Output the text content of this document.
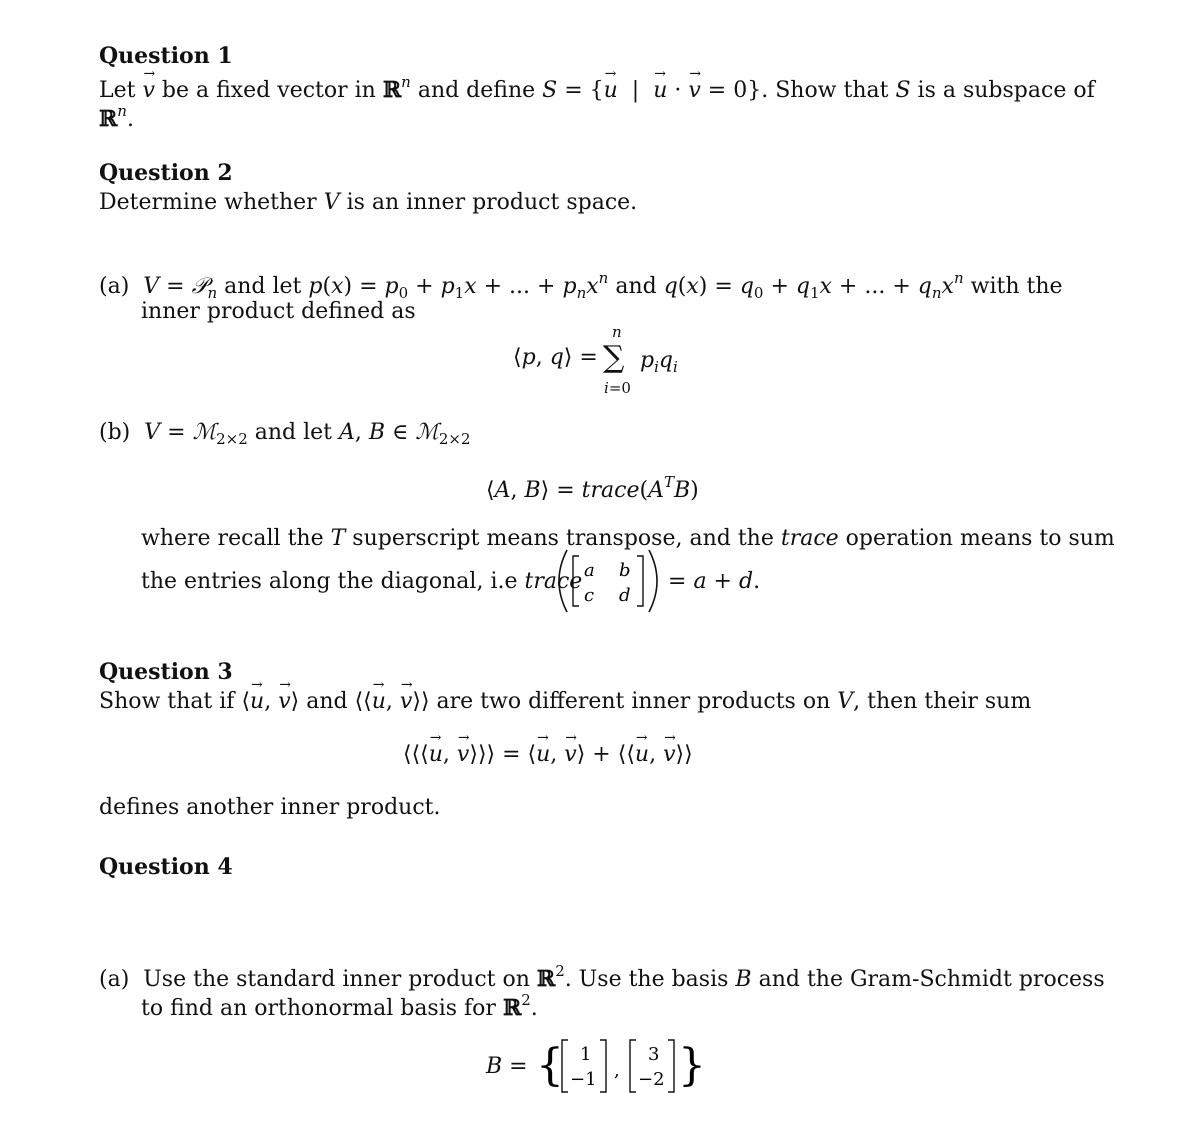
Question 1
Let → v be a fixed vector in ℝ$^n$ and define S = {→ u  |  → u · → v = 0}. Show that S is a subspace of
ℝ$^n$.
Question 2
Determine whether V is an inner product space.
(a)  V = 𝒫$_n$ and let $p(x) = p_0 + p_1x$ + ... + $p_nx^n$ and $q(x) = q_0 + q_1x$ + ... + $q_nx^n$ with the
inner product defined as
⟨p, q⟩ =
n
∑
i=0
$p_iq_i$
(b)  V = ℳ$_{2\times 2}$ and let A, B ∈ ℳ$_{2\times 2}$
⟨A, B⟩ = $trace(A^TB)$
where recall the T superscript means transpose, and the trace operation means to sum
the entries along the diagonal, i.e trace a b
c d
= a + d.
Question 3
Show that if ⟨→ u, → v⟩ and ⟨⟨→ u, → v⟩⟩ are two different inner products on V, then their sum
⟨⟨⟨→ u, → v⟩⟩⟩ = ⟨→ u, → v⟩ + ⟨⟨→ u, → v⟩⟩
defines another inner product.
Question 4
(a)  Use the standard inner product on ℝ$^2$. Use the basis B and the Gram-Schmidt process
to find an orthonormal basis for ℝ$^2$.
B = { 1
−1 ,
3
−2 }
